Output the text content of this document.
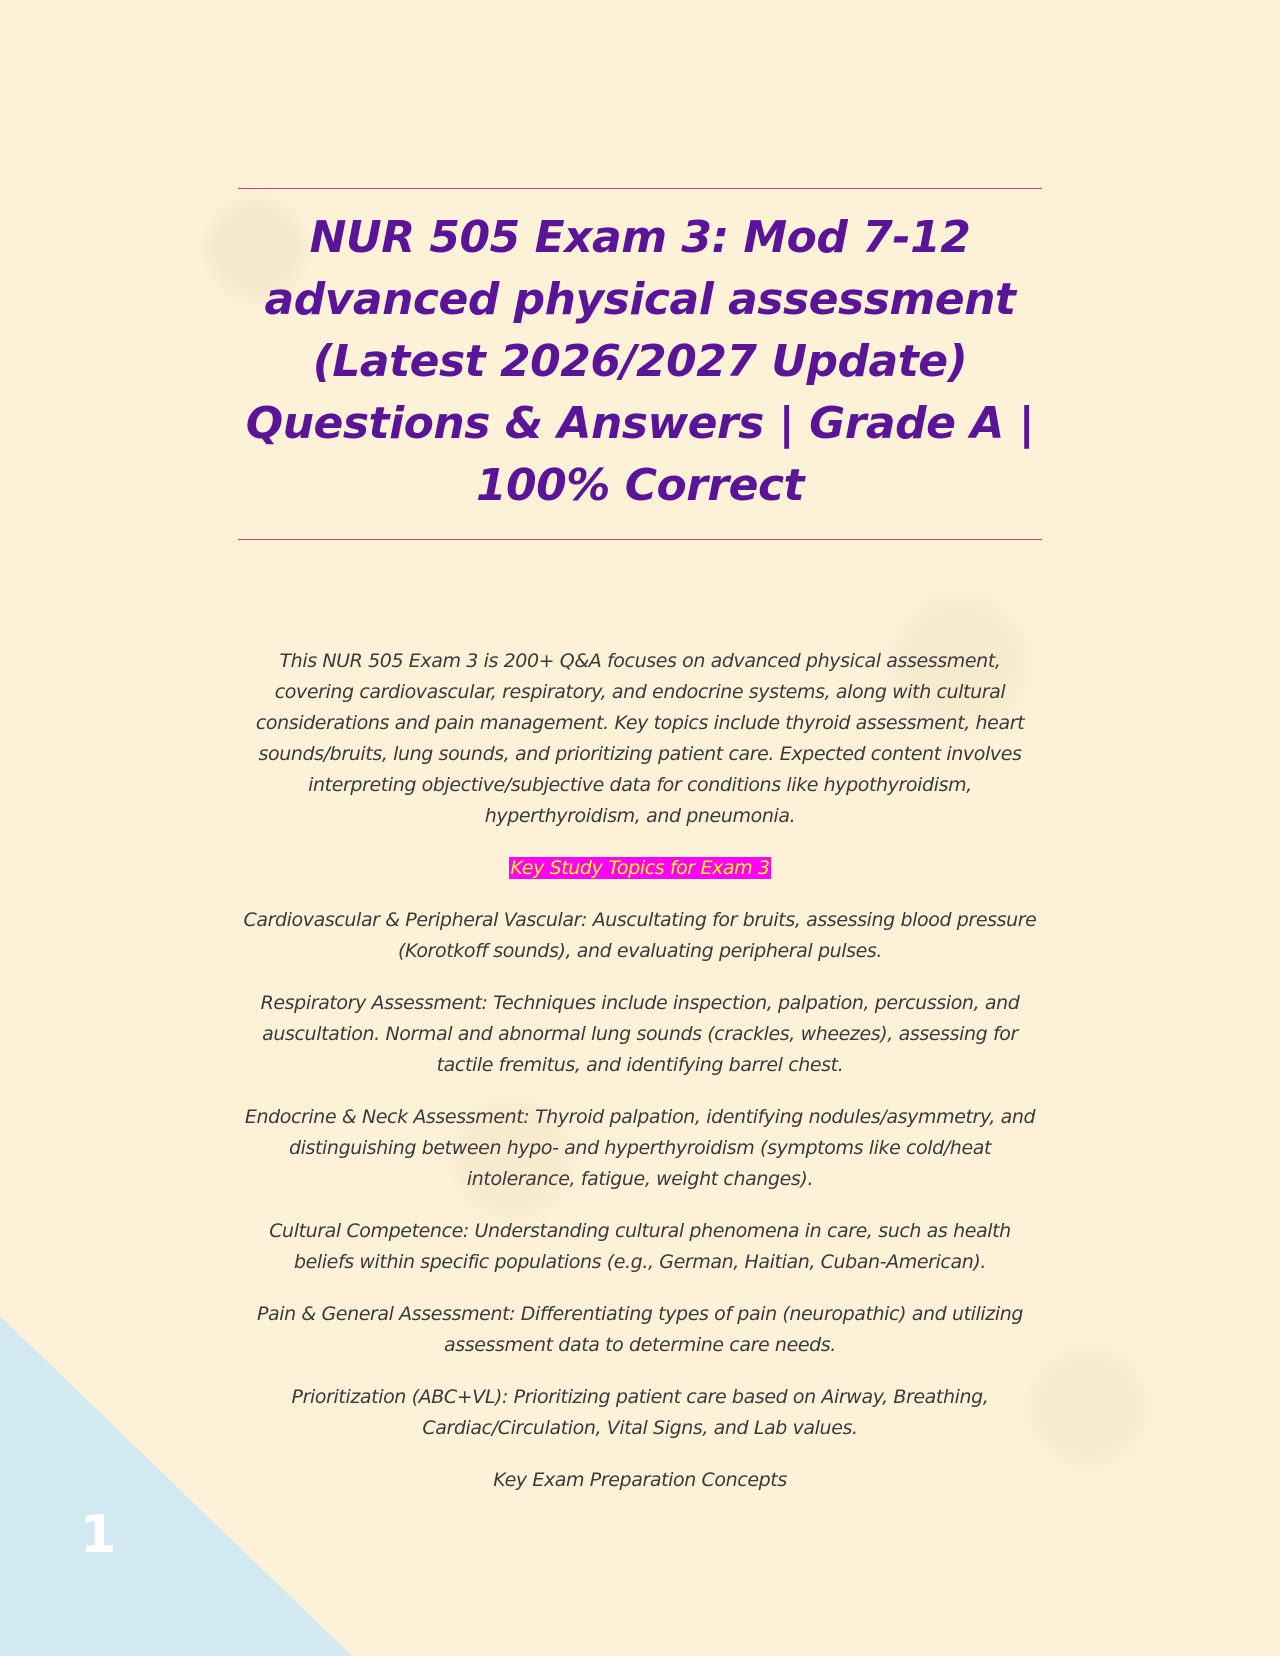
1
NUR 505 Exam 3: Mod 7-12 advanced physical assessment (Latest 2026/2027 Update) Questions & Answers | Grade A | 100% Correct

This NUR 505 Exam 3 is 200+ Q&A focuses on advanced physical assessment, covering cardiovascular, respiratory, and endocrine systems, along with cultural considerations and pain management. Key topics include thyroid assessment, heart sounds/bruits, lung sounds, and prioritizing patient care. Expected content involves interpreting objective/subjective data for conditions like hypothyroidism, hyperthyroidism, and pneumonia.

Key Study Topics for Exam 3

Cardiovascular & Peripheral Vascular: Auscultating for bruits, assessing blood pressure (Korotkoff sounds), and evaluating peripheral pulses.

Respiratory Assessment: Techniques include inspection, palpation, percussion, and auscultation. Normal and abnormal lung sounds (crackles, wheezes), assessing for tactile fremitus, and identifying barrel chest.

Endocrine & Neck Assessment: Thyroid palpation, identifying nodules/asymmetry, and distinguishing between hypo- and hyperthyroidism (symptoms like cold/heat intolerance, fatigue, weight changes).

Cultural Competence: Understanding cultural phenomena in care, such as health beliefs within specific populations (e.g., German, Haitian, Cuban-American).

Pain & General Assessment: Differentiating types of pain (neuropathic) and utilizing assessment data to determine care needs.

Prioritization (ABC+VL): Prioritizing patient care based on Airway, Breathing, Cardiac/Circulation, Vital Signs, and Lab values.

Key Exam Preparation Concepts
